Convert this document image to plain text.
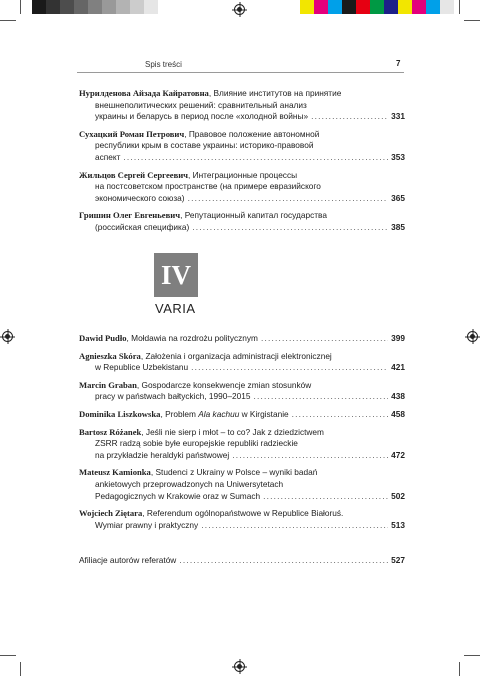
Spis treści	7
Нурилденова Айзада Кайратовна , Влияние институтов на принятие
внешнеполитических решений: сравнительный анализ
украины и беларусь в период после «холодной войны» .....	331
Сухацкий Роман Петрович , Правовое положение автономной
республики крым в составе украины: историко-правовой
аспект .....	353
Жильцов Сергей Сергеевич , Интеграционные процессы
на постсоветском пространстве (на примере евразийского
экономического союза) .....	365
Гришин Олег Евгеньевич , Репутационный капитал государства
(российская специфика) .....	385
IV
VARIA
Dawid Pudło , Mołdawia na rozdrożu politycznym .....	399
Agnieszka Skóra , Założenia i organizacja administracji elektronicznej
w Republice Uzbekistanu .....	421
Marcin Graban , Gospodarcze konsekwencje zmian stosunków
pracy w państwach bałtyckich, 1990–2015 .....	438
Dominika Liszkowska , Problem Ala kachuu w Kirgistanie .....	458
Bartosz Różanek , Jeśli nie sierp i młot – to co? Jak z dziedzictwem
ZSRR radzą sobie byłe europejskie republiki radzieckie
na przykładzie heraldyki państwowej .....	472
Mateusz Kamionka , Studenci z Ukrainy w Polsce – wyniki badań
ankietowych przeprowadzonych na Uniwersytetach
Pedagogicznych w Krakowie oraz w Sumach .....	502
Wojciech Ziętara , Referendum ogólnopaństwowe w Republice Białoruś.
Wymiar prawny i praktyczny .....	513
Afiliacje autorów referatów .....	527
